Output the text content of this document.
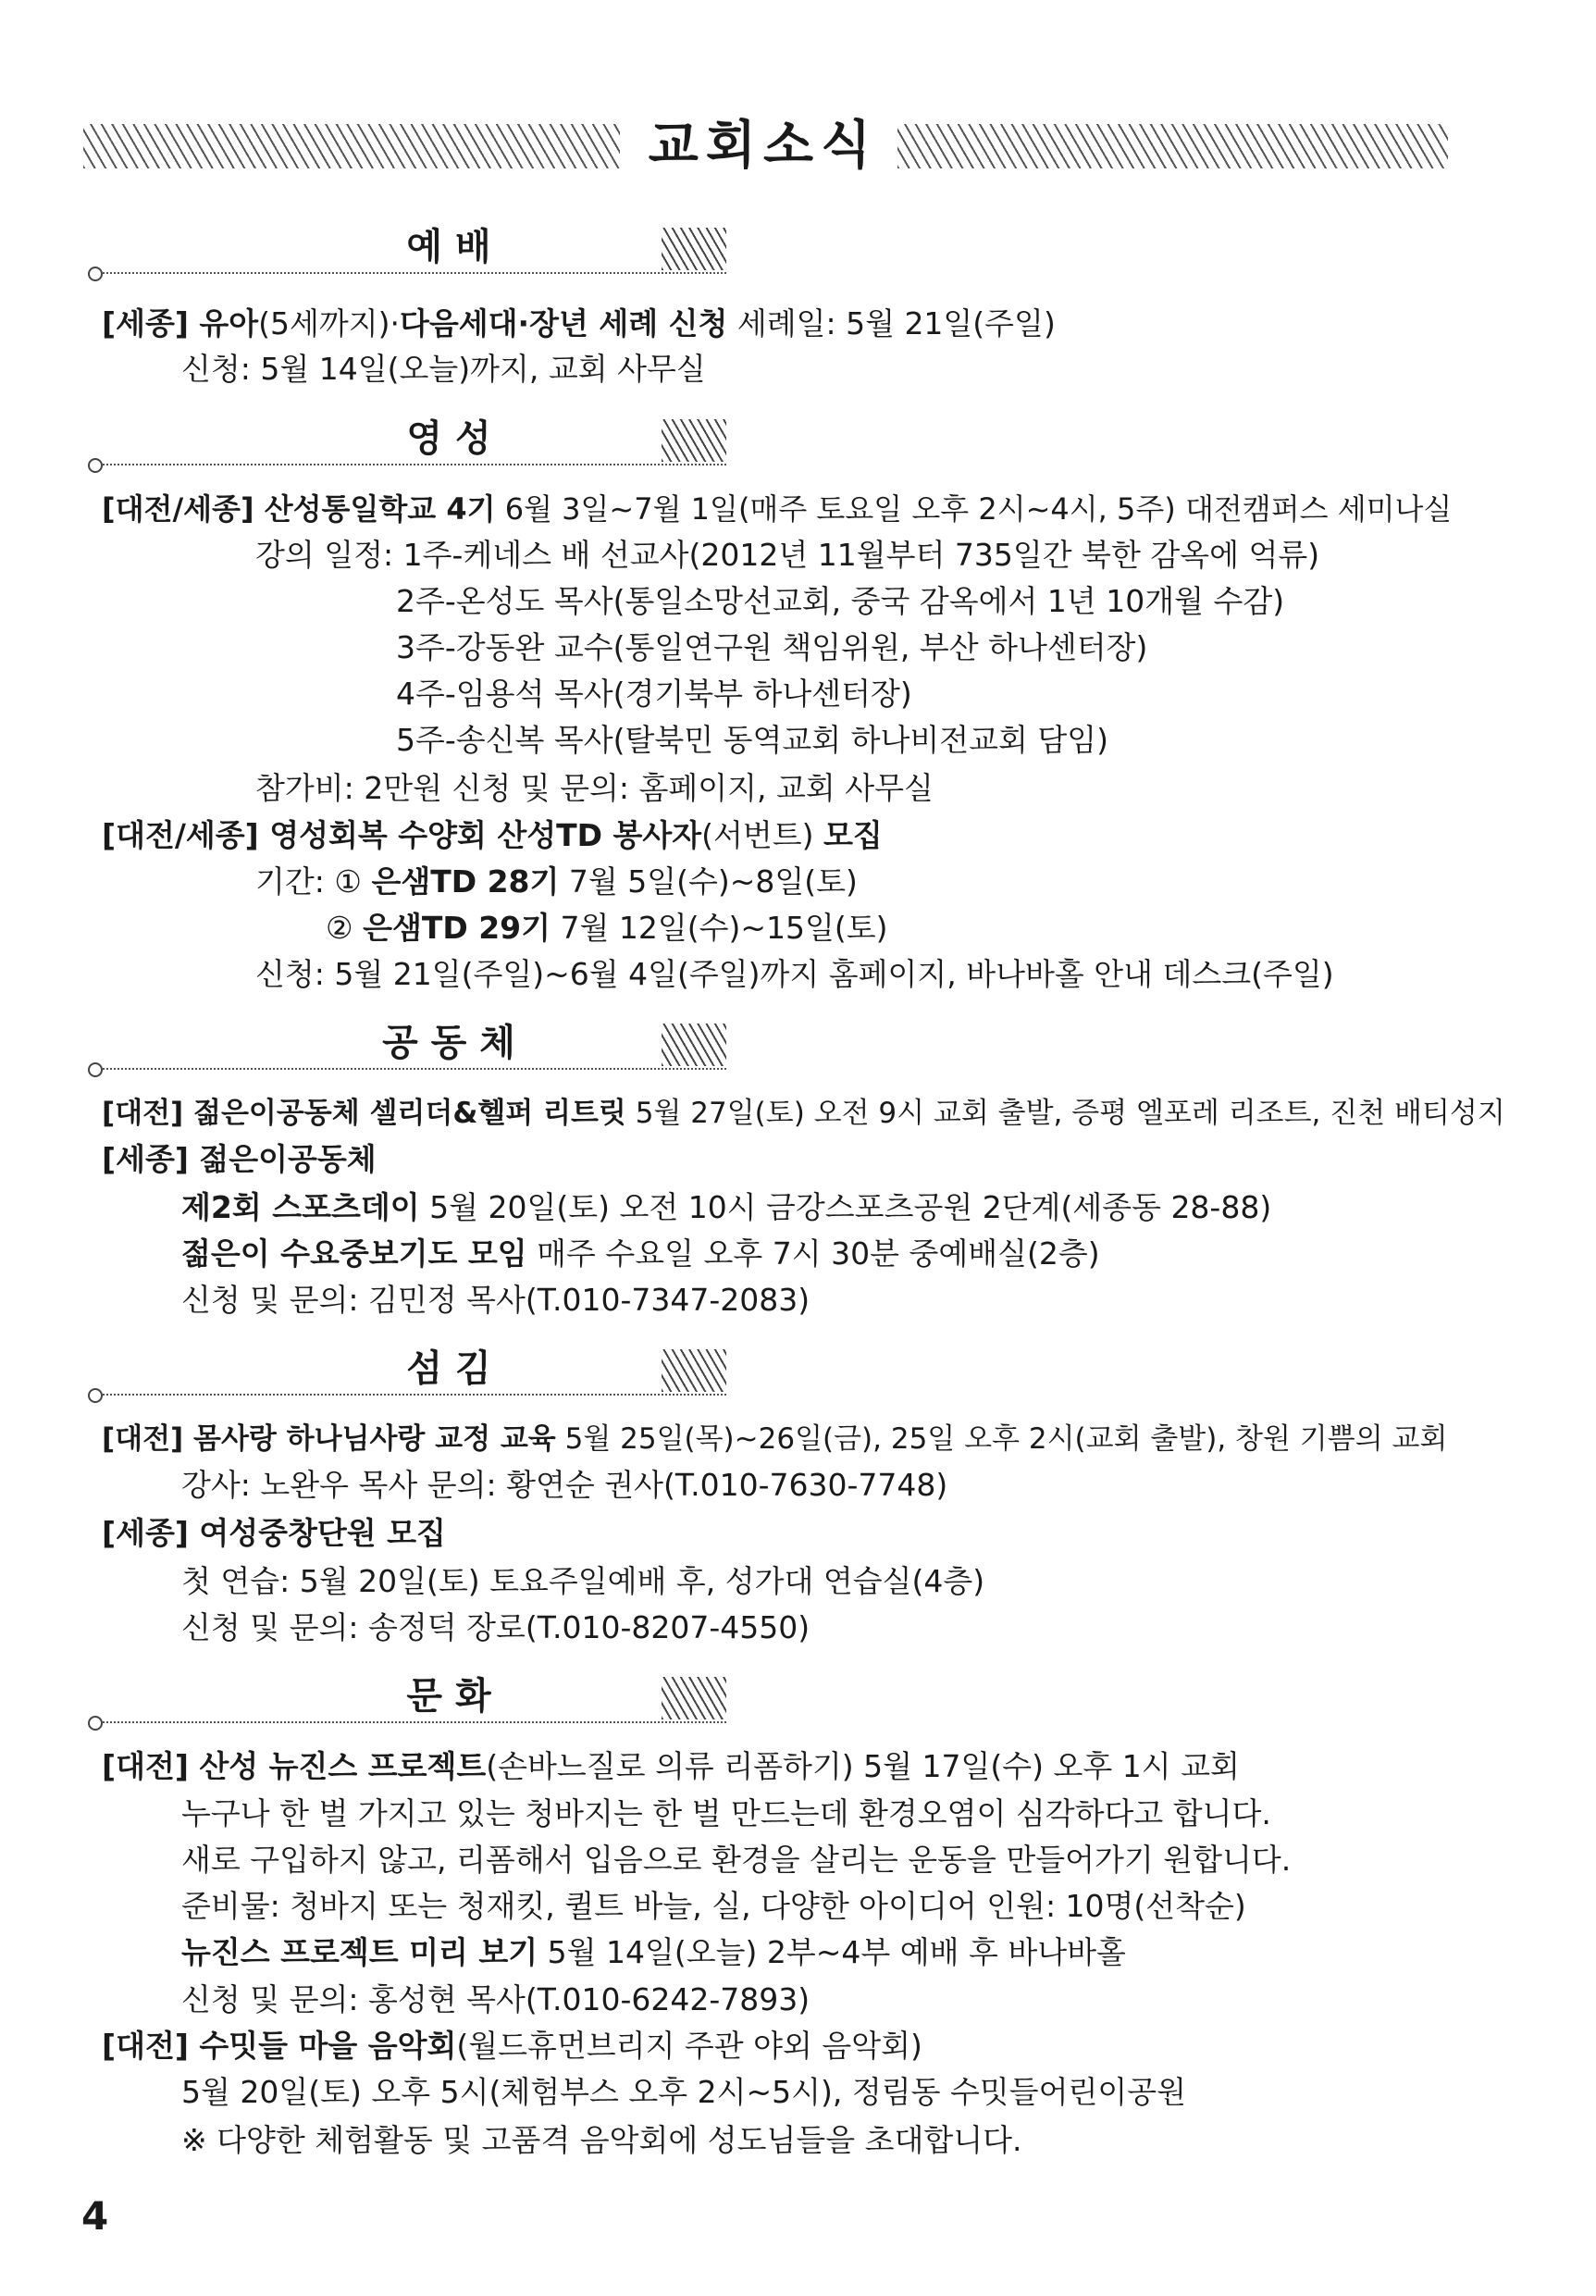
교회소식
예 배
[세종] 유아(5세까지)·다음세대·장년 세례 신청 세례일: 5월 21일(주일)
신청: 5월 14일(오늘)까지, 교회 사무실
영 성
[대전/세종] 산성통일학교 4기 6월 3일~7월 1일(매주 토요일 오후 2시~4시, 5주) 대전캠퍼스 세미나실
강의 일정: 1주-케네스 배 선교사(2012년 11월부터 735일간 북한 감옥에 억류)
2주-온성도 목사(통일소망선교회, 중국 감옥에서 1년 10개월 수감)
3주-강동완 교수(통일연구원 책임위원, 부산 하나센터장)
4주-임용석 목사(경기북부 하나센터장)
5주-송신복 목사(탈북민 동역교회 하나비전교회 담임)
참가비: 2만원 신청 및 문의: 홈페이지, 교회 사무실
[대전/세종] 영성회복 수양회 산성TD 봉사자(서번트) 모집
기간: ① 은샘TD 28기 7월 5일(수)~8일(토)
② 은샘TD 29기 7월 12일(수)~15일(토)
신청: 5월 21일(주일)~6월 4일(주일)까지 홈페이지, 바나바홀 안내 데스크(주일)
공 동 체
[대전] 젊은이공동체 셀리더&헬퍼 리트릿 5월 27일(토) 오전 9시 교회 출발, 증평 엘포레 리조트, 진천 배티성지
[세종] 젊은이공동체
제2회 스포츠데이 5월 20일(토) 오전 10시 금강스포츠공원 2단계(세종동 28-88)
젊은이 수요중보기도 모임 매주 수요일 오후 7시 30분 중예배실(2층)
신청 및 문의: 김민정 목사(T.010-7347-2083)
섬 김
[대전] 몸사랑 하나님사랑 교정 교육 5월 25일(목)~26일(금), 25일 오후 2시(교회 출발), 창원 기쁨의 교회
강사: 노완우 목사 문의: 황연순 권사(T.010-7630-7748)
[세종] 여성중창단원 모집
첫 연습: 5월 20일(토) 토요주일예배 후, 성가대 연습실(4층)
신청 및 문의: 송정덕 장로(T.010-8207-4550)
문 화
[대전] 산성 뉴진스 프로젝트(손바느질로 의류 리폼하기) 5월 17일(수) 오후 1시 교회
누구나 한 벌 가지고 있는 청바지는 한 벌 만드는데 환경오염이 심각하다고 합니다.
새로 구입하지 않고, 리폼해서 입음으로 환경을 살리는 운동을 만들어가기 원합니다.
준비물: 청바지 또는 청재킷, 퀼트 바늘, 실, 다양한 아이디어 인원: 10명(선착순)
뉴진스 프로젝트 미리 보기 5월 14일(오늘) 2부~4부 예배 후 바나바홀
신청 및 문의: 홍성현 목사(T.010-6242-7893)
[대전] 수밋들 마을 음악회(월드휴먼브리지 주관 야외 음악회)
5월 20일(토) 오후 5시(체험부스 오후 2시~5시), 정림동 수밋들어린이공원
※ 다양한 체험활동 및 고품격 음악회에 성도님들을 초대합니다.
4
